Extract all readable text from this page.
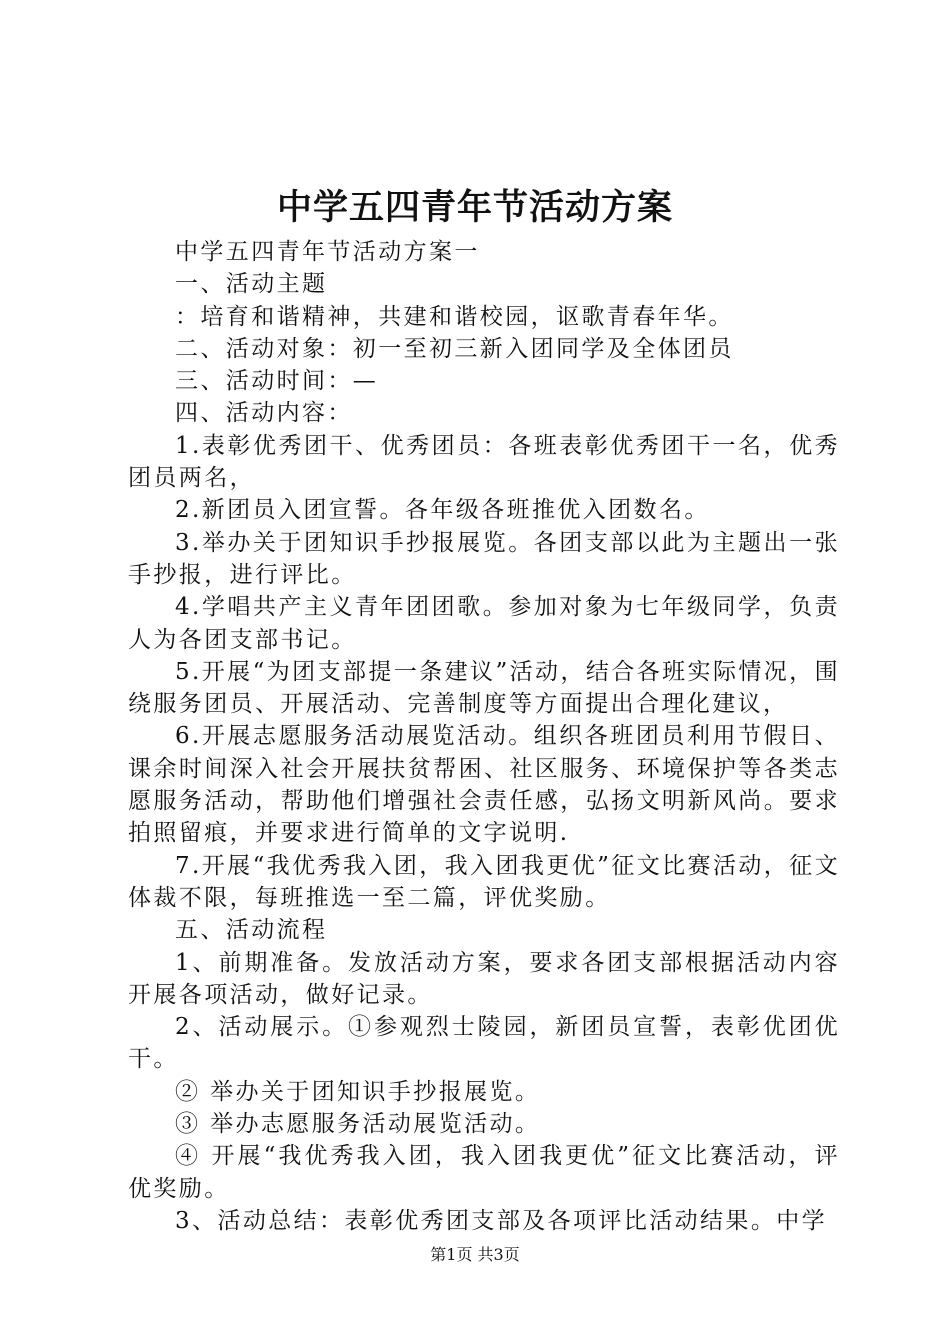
中学五四青年节活动方案

中学五四青年节活动方案一

一、活动主题

：培育和谐精神，共建和谐校园，讴歌青春年华。

二、活动对象：初一至初三新入团同学及全体团员

三、活动时间：—

四、活动内容：

1.表彰优秀团干、优秀团员：各班表彰优秀团干一名，优秀团员两名，

2.新团员入团宣誓。各年级各班推优入团数名。

3.举办关于团知识手抄报展览。各团支部以此为主题出一张手抄报，进行评比。

4.学唱共产主义青年团团歌。参加对象为七年级同学，负责人为各团支部书记。

5.开展“为团支部提一条建议”活动，结合各班实际情况，围绕服务团员、开展活动、完善制度等方面提出合理化建议，

6.开展志愿服务活动展览活动。组织各班团员利用节假日、课余时间深入社会开展扶贫帮困、社区服务、环境保护等各类志愿服务活动，帮助他们增强社会责任感，弘扬文明新风尚。要求拍照留痕，并要求进行简单的文字说明.

7.开展“我优秀我入团，我入团我更优”征文比赛活动，征文体裁不限，每班推选一至二篇，评优奖励。

五、活动流程

1、前期准备。发放活动方案，要求各团支部根据活动内容开展各项活动，做好记录。

2、活动展示。①参观烈士陵园，新团员宣誓，表彰优团优干。

② 举办关于团知识手抄报展览。

③ 举办志愿服务活动展览活动。

④ 开展“我优秀我入团，我入团我更优”征文比赛活动，评优奖励。

3、活动总结：表彰优秀团支部及各项评比活动结果。中学

第1页 共3页
